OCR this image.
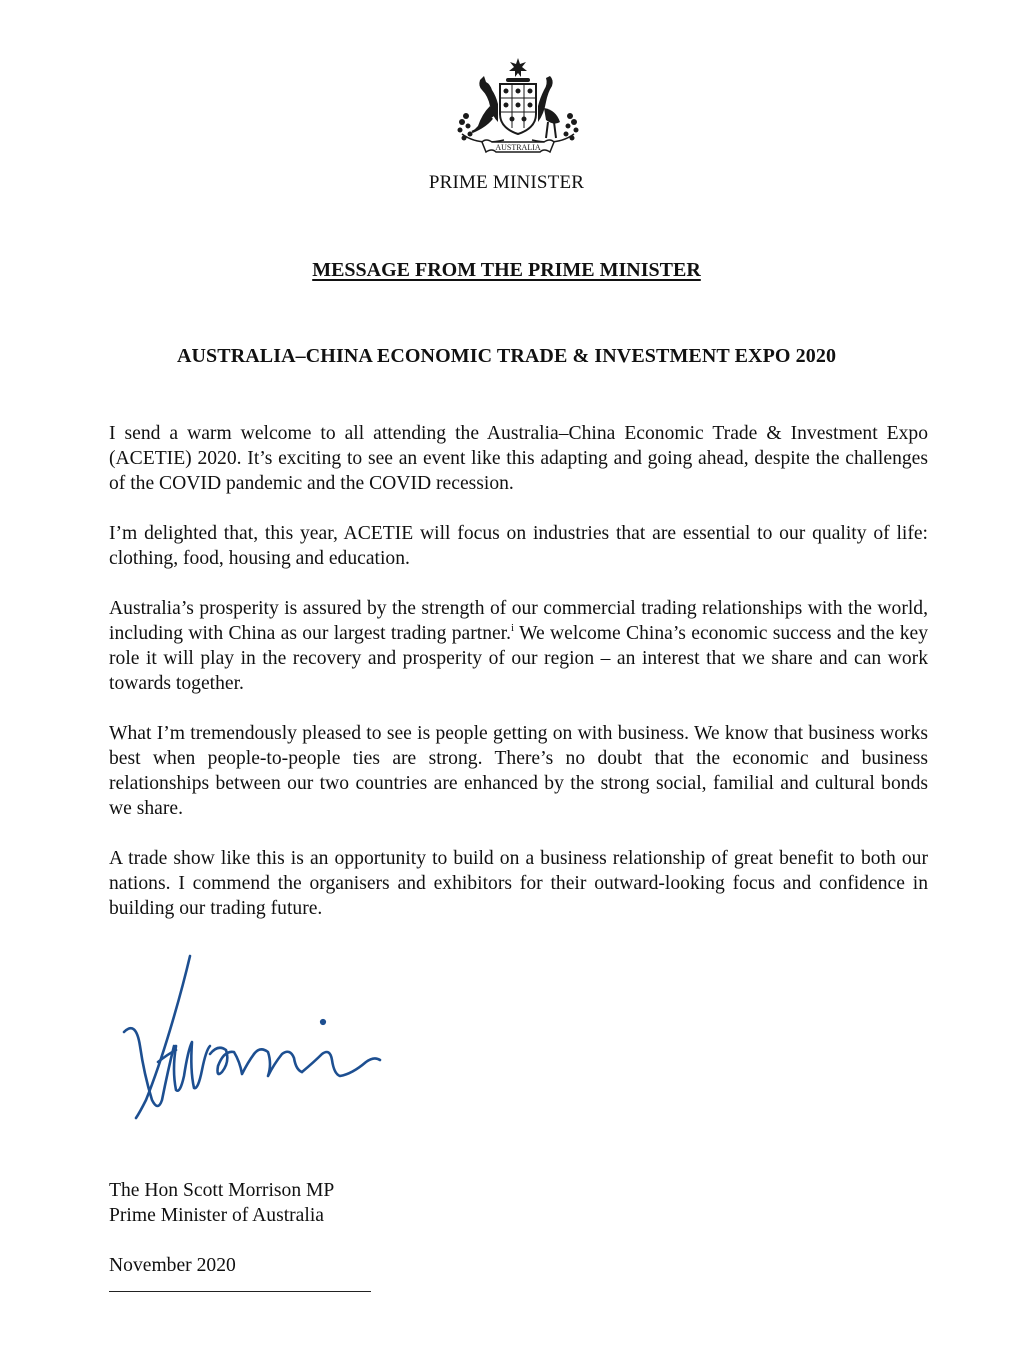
AUSTRALIA
PRIME MINISTER
MESSAGE FROM THE PRIME MINISTER
AUSTRALIA–CHINA ECONOMIC TRADE & INVESTMENT EXPO 2020

I send a warm welcome to all attending the Australia–China Economic Trade & Investment Expo (ACETIE) 2020. It’s exciting to see an event like this adapting and going ahead, despite the challenges of the COVID pandemic and the COVID recession.

I’m delighted that, this year, ACETIE will focus on industries that are essential to our quality of life: clothing, food, housing and education.

Australia’s prosperity is assured by the strength of our commercial trading relationships with the world, including with China as our largest trading partner.$^i$ We welcome China’s economic success and the key role it will play in the recovery and prosperity of our region – an interest that we share and can work towards together.

What I’m tremendously pleased to see is people getting on with business. We know that business works best when people-to-people ties are strong. There’s no doubt that the economic and business relationships between our two countries are enhanced by the strong social, familial and cultural bonds we share.

A trade show like this is an opportunity to build on a business relationship of great benefit to both our nations. I commend the organisers and exhibitors for their outward-looking focus and confidence in building our trading future.

The Hon Scott Morrison MP
Prime Minister of Australia
November 2020
